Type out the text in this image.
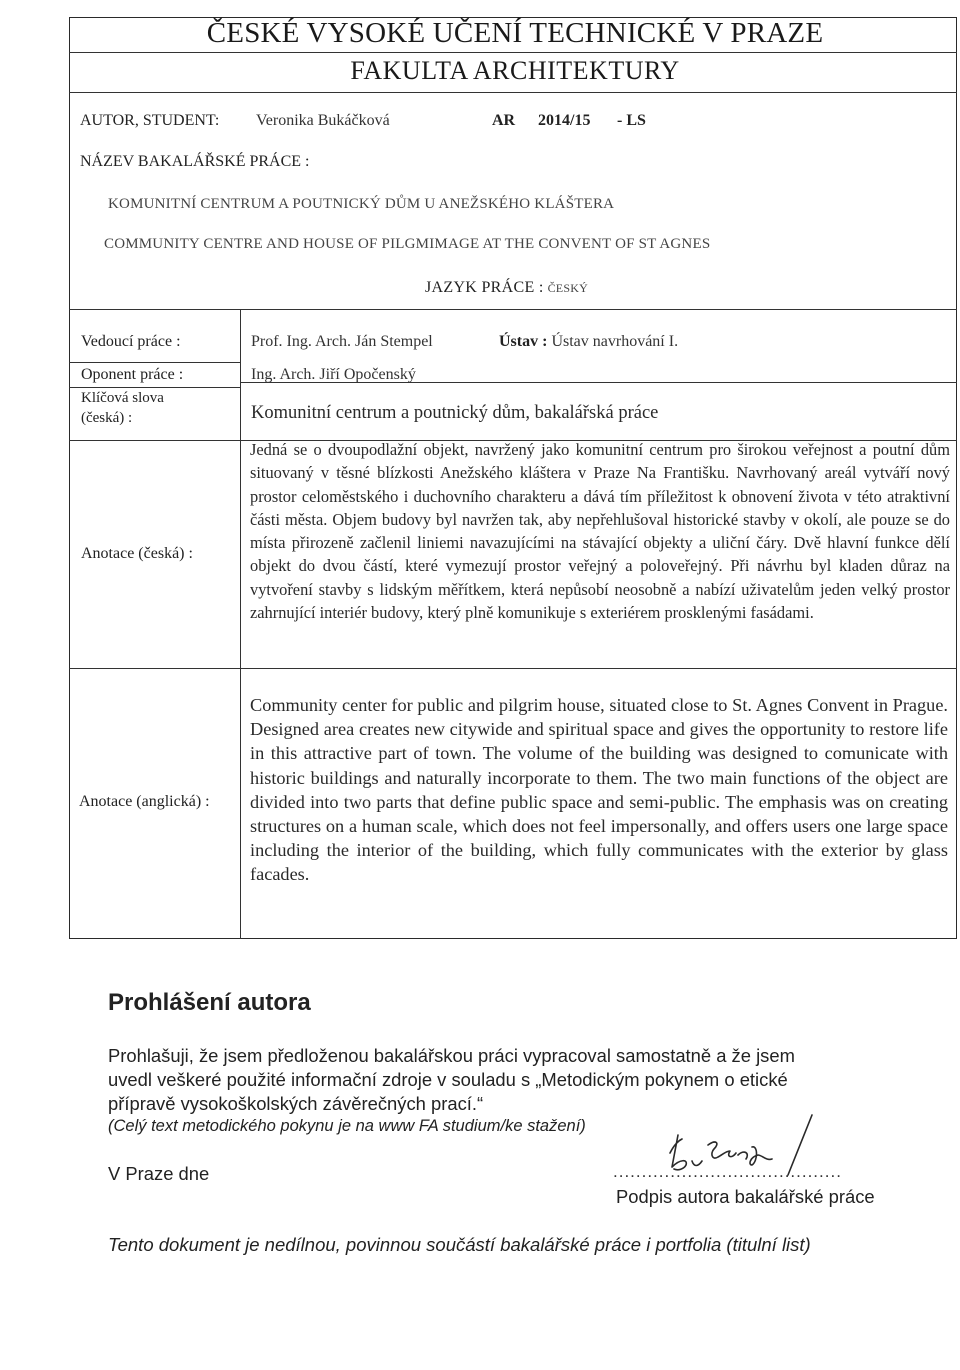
ČESKÉ VYSOKÉ UČENÍ TECHNICKÉ V PRAZE
FAKULTA ARCHITEKTURY
AUTOR, STUDENT: Veronika Bukáčková	AR 2014/15 - LS
NÁZEV BAKALÁŘSKÉ PRÁCE :
KOMUNITNÍ CENTRUM A POUTNICKÝ DŮM U ANEŽSKÉHO KLÁŠTERA
COMMUNITY CENTRE AND HOUSE OF PILGMIMAGE AT THE CONVENT OF ST AGNES
JAZYK PRÁCE : ČESKÝ
Vedoucí práce :	Prof. Ing. Arch. Ján Stempel	Ústav : Ústav navrhování I.
Oponent práce :	Ing. Arch. Jiří Opočenský
Klíčová slova
(česká) :	Komunitní centrum a poutnický dům, bakalářská práce
Anotace (česká) :
Jedná se o dvoupodlažní objekt, navržený jako komunitní centrum pro širokou veřejnost a poutní dům situovaný v těsné blízkosti Anežského kláštera v Praze Na Františku. Navrhovaný areál vytváří nový prostor celoměstského i duchovního charakteru a dává tím příležitost k obnovení života v této atraktivní části města. Objem budovy byl navržen tak, aby nepřehlušoval historické stavby v okolí, ale pouze se do místa přirozeně začlenil liniemi navazujícími na stávající objekty a uliční čáry. Dvě hlavní funkce dělí objekt do dvou částí, které vymezují prostor veřejný a poloveřejný. Při návrhu byl kladen důraz na vytvoření stavby s lidským měřítkem, která nepůsobí neosobně a nabízí uživatelům jeden velký prostor zahrnující interiér budovy, který plně komunikuje s exteriérem prosklenými fasádami.
Anotace (anglická) :
Community center for public and pilgrim house, situated close to St. Agnes Convent in Prague. Designed area creates new citywide and spiritual space and gives the opportunity to restore life in this attractive part of town. The volume of the building was designed to comunicate with historic buildings and naturally incorporate to them. The two main functions of the object are divided into two parts that define public space and semi-public. The emphasis was on creating structures on a human scale, which does not feel impersonally, and offers users one large space including the interior of the building, which fully communicates with the exterior by glass facades.
Prohlášení autora
Prohlašuji, že jsem předloženou bakalářskou práci vypracoval samostatně a že jsem
uvedl veškeré použité informační zdroje v souladu s „Metodickým pokynem o etické
přípravě vysokoškolských závěrečných prací.“
(Celý text metodického pokynu je na www FA studium/ke stažení)
V Praze dne	........................................
Podpis autora bakalářské práce
Tento dokument je nedílnou, povinnou součástí bakalářské práce i portfolia (titulní list)
